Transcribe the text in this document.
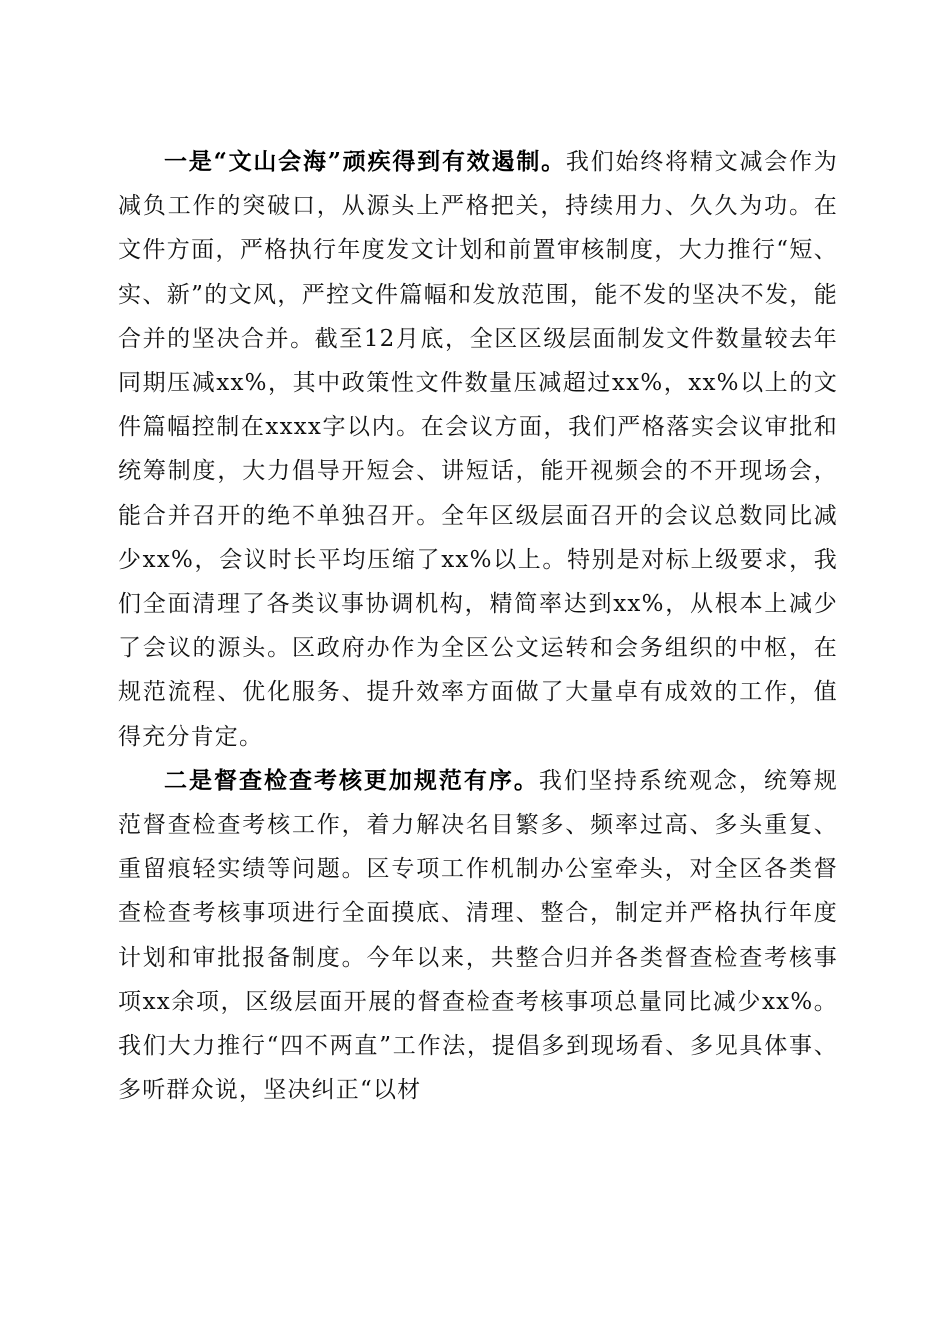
一是“文山会海”顽疾得到有效遏制。我们始终将精文减会作为减负工作的突破口，从源头上严格把关，持续用力、久久为功。在文件方面，严格执行年度发文计划和前置审核制度，大力推行“短、实、新”的文风，严控文件篇幅和发放范围，能不发的坚决不发，能合并的坚决合并。截至12月底，全区区级层面制发文件数量较去年同期压减xx%，其中政策性文件数量压减超过xx%，xx%以上的文件篇幅控制在xxxx字以内。在会议方面，我们严格落实会议审批和统筹制度，大力倡导开短会、讲短话，能开视频会的不开现场会，能合并召开的绝不单独召开。全年区级层面召开的会议总数同比减少xx%，会议时长平均压缩了xx%以上。特别是对标上级要求，我们全面清理了各类议事协调机构，精简率达到xx%，从根本上减少了会议的源头。区政府办作为全区公文运转和会务组织的中枢，在规范流程、优化服务、提升效率方面做了大量卓有成效的工作，值得充分肯定。

二是督查检查考核更加规范有序。我们坚持系统观念，统筹规范督查检查考核工作，着力解决名目繁多、频率过高、多头重复、重留痕轻实绩等问题。区专项工作机制办公室牵头，对全区各类督查检查考核事项进行全面摸底、清理、整合，制定并严格执行年度计划和审批报备制度。今年以来，共整合归并各类督查检查考核事项xx余项，区级层面开展的督查检查考核事项总量同比减少xx%。我们大力推行“四不两直”工作法，提倡多到现场看、多见具体事、多听群众说，坚决纠正“以材
